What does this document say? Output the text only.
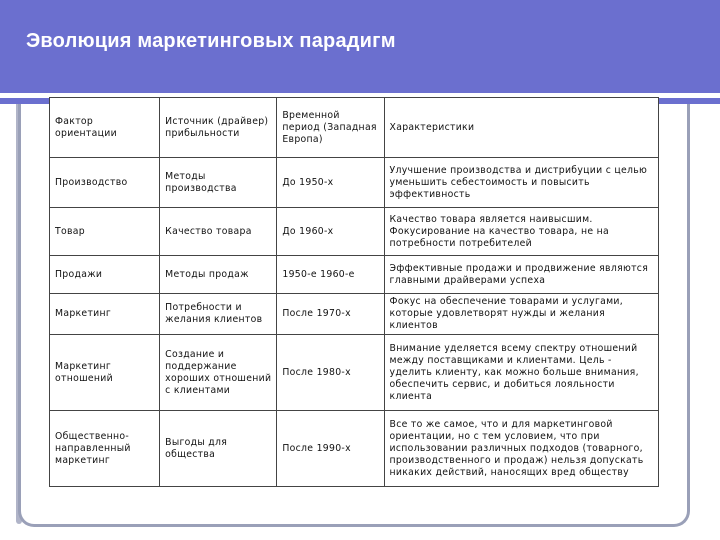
Эволюция маркетинговых парадигм
Фактор ориентации	Источник (драйвер) прибыльности	Временной период (Западная Европа)	Характеристики
Производство	Методы производства	До 1950-х	Улучшение производства и дистрибуции с целью уменьшить себестоимость и повысить эффективность
Товар	Качество товара	До 1960-х	Качество товара является наивысшим. Фокусирование на качество товара, не на потребности потребителей
Продажи	Методы продаж	1950-е 1960-е	Эффективные продажи и продвижение являются главными драйверами успеха
Маркетинг	Потребности и желания клиентов	После 1970-х	Фокус на обеспечение товарами и услугами, которые удовлетворят нужды и желания клиентов
Маркетинг отношений	Создание и поддержание хороших отношений с клиентами	После 1980-х	Внимание уделяется всему спектру отношений между поставщиками и клиентами. Цель - уделить клиенту, как можно больше внимания, обеспечить сервис, и добиться лояльности клиента
Общественно-направленный маркетинг	Выгоды для общества	После 1990-х	Все то же самое, что и для маркетинговой ориентации, но с тем условием, что при использовании различных подходов (товарного, производственного и продаж) нельзя допускать никаких действий, наносящих вред обществу
